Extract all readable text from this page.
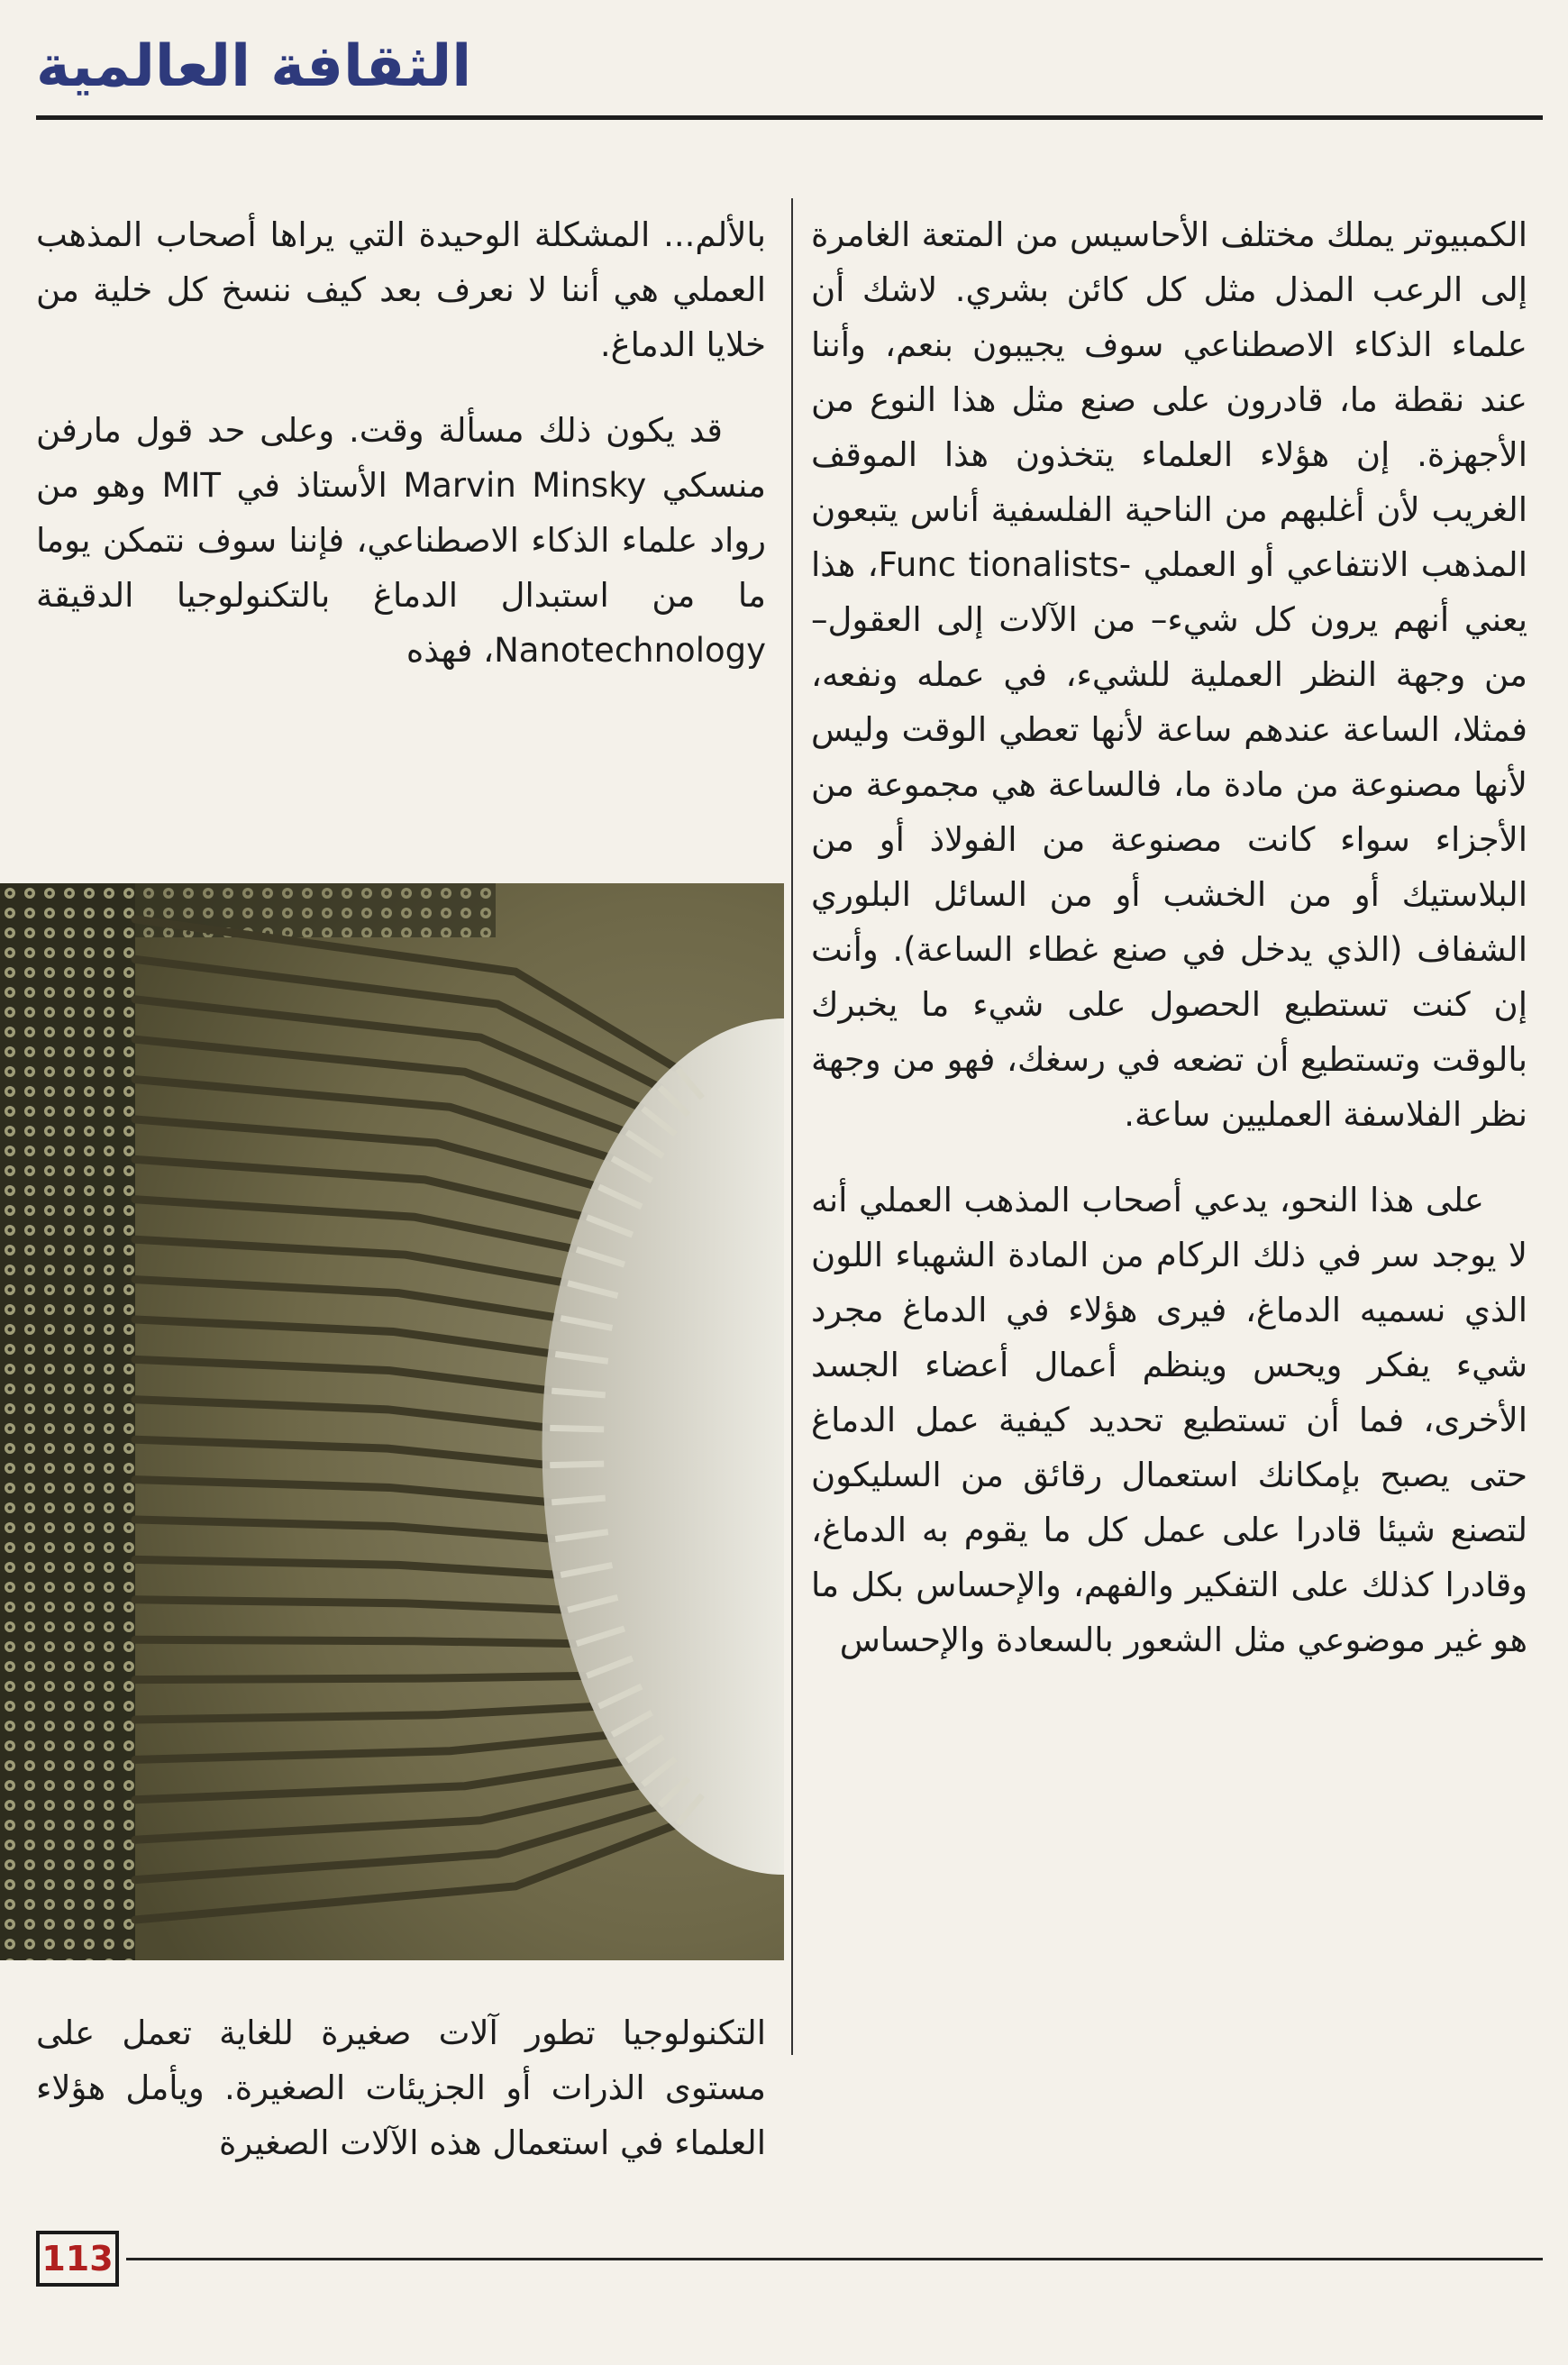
الثقافة العالمية

الكمبيوتر يملك مختلف الأحاسيس من المتعة الغامرة إلى الرعب المذل مثل كل كائن بشري. لاشك أن علماء الذكاء الاصطناعي سوف يجيبون بنعم، وأننا عند نقطة ما، قادرون على صنع مثل هذا النوع من الأجهزة. إن هؤلاء العلماء يتخذون هذا الموقف الغريب لأن أغلبهم من الناحية الفلسفية أناس يتبعون المذهب الانتفاعي أو العملي -Func tionalists، هذا يعني أنهم يرون كل شيء– من الآلات إلى العقول– من وجهة النظر العملية للشيء، في عمله ونفعه، فمثلا، الساعة عندهم ساعة لأنها تعطي الوقت وليس لأنها مصنوعة من مادة ما، فالساعة هي مجموعة من الأجزاء سواء كانت مصنوعة من الفولاذ أو من البلاستيك أو من الخشب أو من السائل البلوري الشفاف (الذي يدخل في صنع غطاء الساعة). وأنت إن كنت تستطيع الحصول على شيء ما يخبرك بالوقت وتستطيع أن تضعه في رسغك، فهو من وجهة نظر الفلاسفة العمليين ساعة.

على هذا النحو، يدعي أصحاب المذهب العملي أنه لا يوجد سر في ذلك الركام من المادة الشهباء اللون الذي نسميه الدماغ، فيرى هؤلاء في الدماغ مجرد شيء يفكر ويحس وينظم أعمال أعضاء الجسد الأخرى، فما أن تستطيع تحديد كيفية عمل الدماغ حتى يصبح بإمكانك استعمال رقائق من السليكون لتصنع شيئا قادرا على عمل كل ما يقوم به الدماغ، وقادرا كذلك على التفكير والفهم، والإحساس بكل ما هو غير موضوعي مثل الشعور بالسعادة والإحساس

بالألم... المشكلة الوحيدة التي يراها أصحاب المذهب العملي هي أننا لا نعرف بعد كيف ننسخ كل خلية من خلايا الدماغ.

قد يكون ذلك مسألة وقت. وعلى حد قول مارفن منسكي Marvin Minsky الأستاذ في MIT وهو من رواد علماء الذكاء الاصطناعي، فإننا سوف نتمكن يوما ما من استبدال الدماغ بالتكنولوجيا الدقيقة Nanotechnology، فهذه

التكنولوجيا تطور آلات صغيرة للغاية تعمل على مستوى الذرات أو الجزيئات الصغيرة. ويأمل هؤلاء العلماء في استعمال هذه الآلات الصغيرة

113
